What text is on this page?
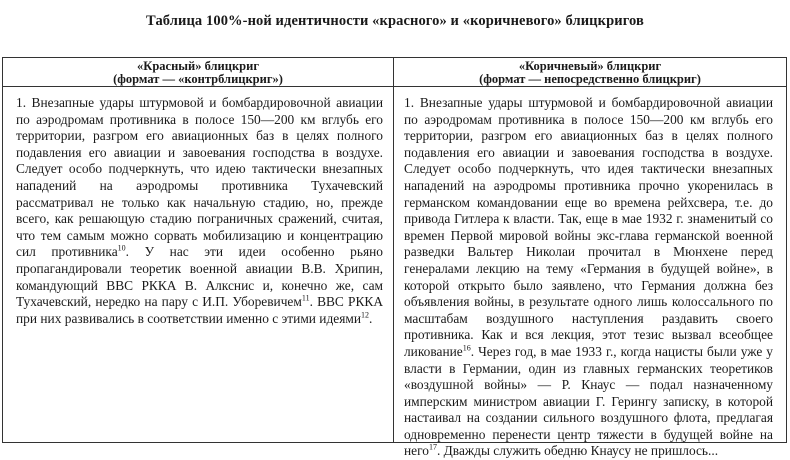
Таблица 100%-ной идентичности «красного» и «коричневого» блицкригов
«Красный» блицкриг
(формат — «контрблицкриг»)
«Коричневый» блицкриг
(формат — непосредственно блицкриг)
1. Внезапные удары штурмовой и бомбардировочной авиации по аэродромам противника в полосе 150—200 км вглубь его территории, разгром его авиационных баз в целях полного подавления его авиации и завоевания господства в воздухе. Следует особо подчеркнуть, что идею тактически внезапных нападений на аэродромы противника Тухачевский рассматривал не только как начальную стадию, но, прежде всего, как решающую стадию пограничных сражений, считая, что тем самым можно сорвать мобилизацию и концентрацию сил противника$^{10}$. У нас эти идеи особенно рьяно пропагандировали теоретик военной авиации В.В. Хрипин, командующий ВВС РККА В. Алкснис и, конечно же, сам Тухачевский, нередко на пару с И.П. Уборевичем$^{11}$. ВВС РККА при них развивались в соответствии именно с этими идеями$^{12}$.
1. Внезапные удары штурмовой и бомбардировочной авиации по аэродромам противника в полосе 150—200 км вглубь его территории, разгром его авиационных баз в целях полного подавления его авиации и завоевания господства в воздухе. Следует особо подчеркнуть, что идея тактически внезапных нападений на аэродромы противника прочно укоренилась в германском командовании еще во времена рейхсвера, т.е. до привода Гитлера к власти. Так, еще в мае 1932 г. знаменитый со времен Первой мировой войны экс-глава германской военной разведки Вальтер Николаи прочитал в Мюнхене перед генералами лекцию на тему «Германия в будущей войне», в которой открыто было заявлено, что Германия должна без объявления войны, в результате одного лишь колоссального по масштабам воздушного наступления раздавить своего противника. Как и вся лекция, этот тезис вызвал всеобщее ликование$^{16}$. Через год, в мае 1933 г., когда нацисты были уже у власти в Германии, один из главных германских теоретиков «воздушной войны» — Р. Кнаус — подал назначенному имперским министром авиации Г. Герингу записку, в которой настаивал на создании сильного воздушного флота, предлагая одновременно перенести центр тяжести в будущей войне на него$^{17}$. Дважды служить обедню Кнаусу не пришлось...
